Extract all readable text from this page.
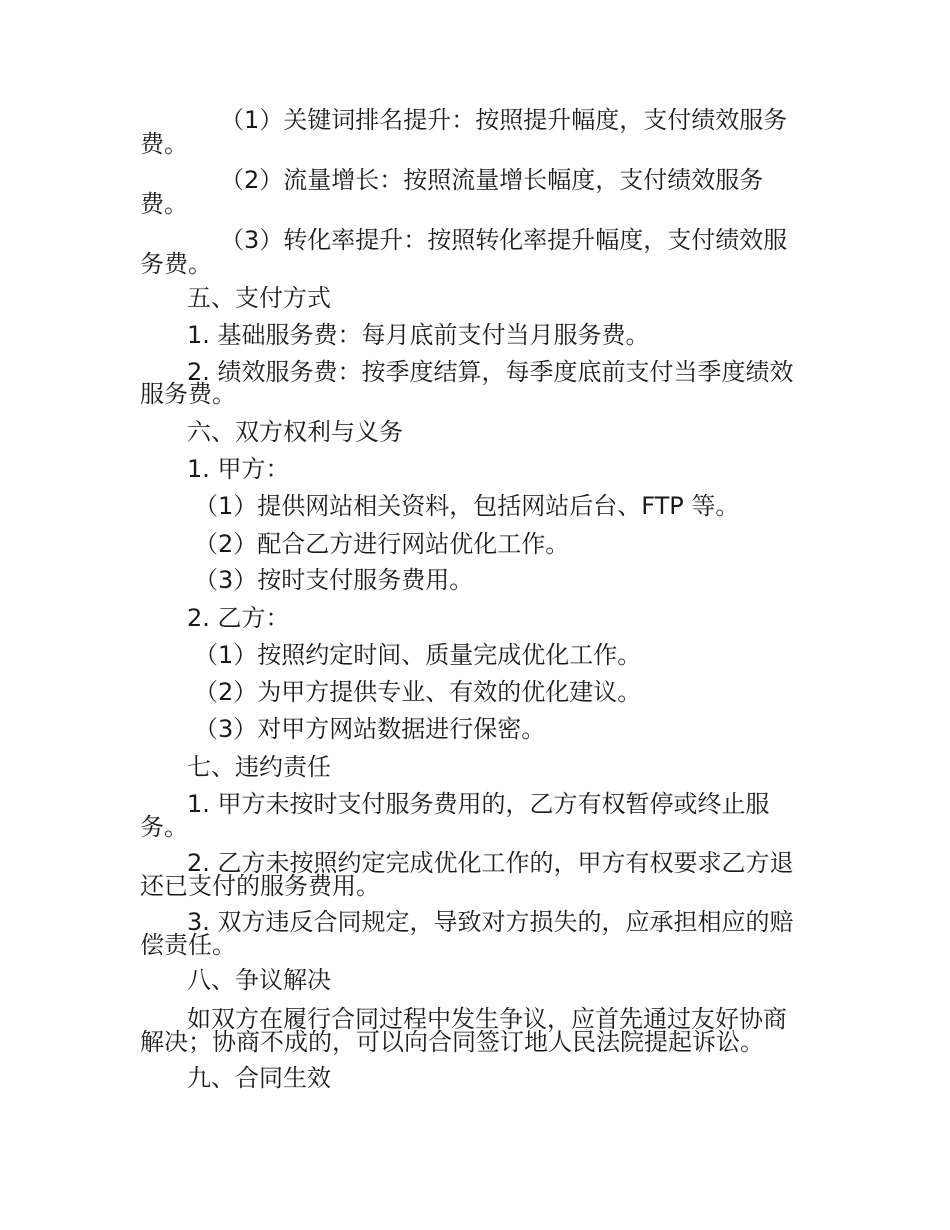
（1）关键词排名提升：按照提升幅度，支付绩效服务

费。

（2）流量增长：按照流量增长幅度，支付绩效服务

费。

（3）转化率提升：按照转化率提升幅度，支付绩效服

务费。

五、支付方式

1. 基础服务费：每月底前支付当月服务费。

2. 绩效服务费：按季度结算，每季度底前支付当季度绩效

服务费。

六、双方权利与义务

1. 甲方：

（1）提供网站相关资料，包括网站后台、FTP 等。

（2）配合乙方进行网站优化工作。

（3）按时支付服务费用。

2. 乙方：

（1）按照约定时间、质量完成优化工作。

（2）为甲方提供专业、有效的优化建议。

（3）对甲方网站数据进行保密。

七、违约责任

1. 甲方未按时支付服务费用的，乙方有权暂停或终止服

务。

2. 乙方未按照约定完成优化工作的，甲方有权要求乙方退

还已支付的服务费用。

3. 双方违反合同规定，导致对方损失的，应承担相应的赔

偿责任。

八、争议解决

如双方在履行合同过程中发生争议，应首先通过友好协商

解决；协商不成的，可以向合同签订地人民法院提起诉讼。

九、合同生效
